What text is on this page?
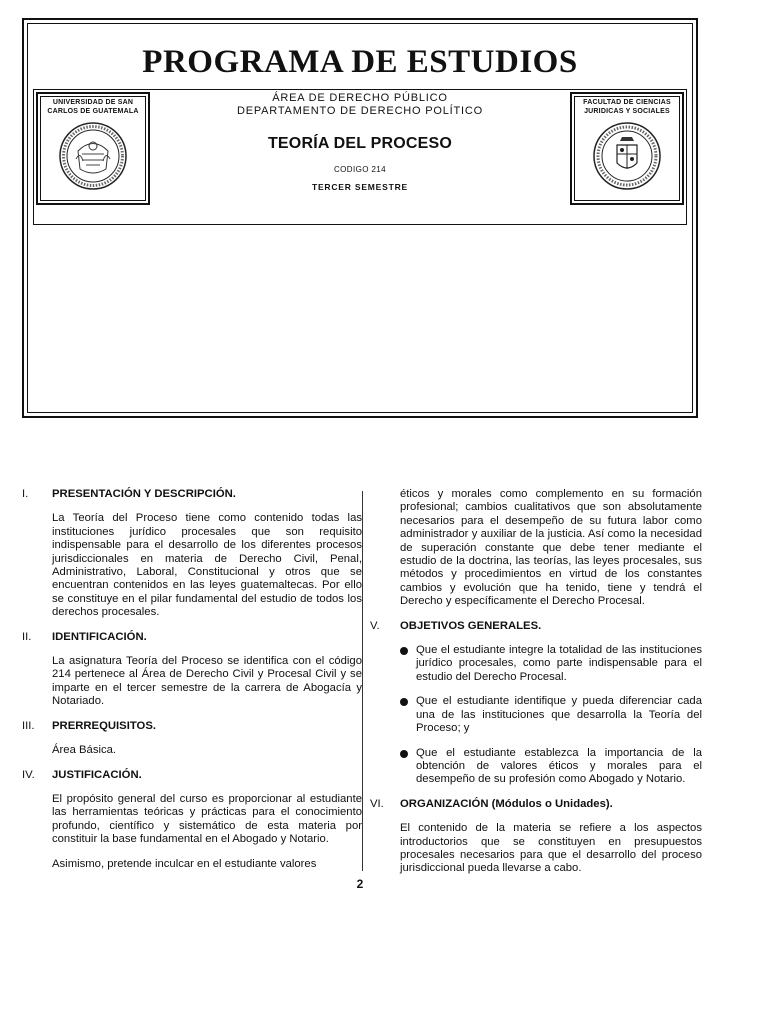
PROGRAMA DE ESTUDIOS
UNIVERSIDAD DE SAN CARLOS DE GUATEMALA
ÁREA DE DERECHO PÚBLICO
DEPARTAMENTO DE DERECHO POLÍTICO
TEORÍA DEL PROCESO
CODIGO 214
TERCER SEMESTRE
FACULTAD DE CIENCIAS JURIDICAS Y SOCIALES
I. PRESENTACIÓN Y DESCRIPCIÓN.

La Teoría del Proceso tiene como contenido todas las instituciones jurídico procesales que son requisito indispensable para el desarrollo de los diferentes procesos jurisdiccionales en materia de Derecho Civil, Penal, Administrativo, Laboral, Constitucional y otros que se encuentran contenidos en las leyes guatemaltecas. Por ello se constituye en el pilar fundamental del estudio de todos los derechos procesales.

II. IDENTIFICACIÓN.

La asignatura Teoría del Proceso se identifica con el código 214 pertenece al Área de Derecho Civil y Procesal Civil y se imparte en el tercer semestre de la carrera de Abogacía y Notariado.

III. PRERREQUISITOS.

Área Básica.

IV. JUSTIFICACIÓN.

El propósito general del curso es proporcionar al estudiante las herramientas teóricas y prácticas para el conocimiento profundo, científico y sistemático de esta materia por constituir la base fundamental en el Abogado y Notario.

Asimismo, pretende inculcar en el estudiante valores

éticos y morales como complemento en su formación profesional; cambios cualitativos que son absolutamente necesarios para el desempeño de su futura labor como administrador y auxiliar de la justicia. Así como la necesidad de superación constante que debe tener mediante el estudio de la doctrina, las teorías, las leyes procesales, sus métodos y procedimientos en virtud de los constantes cambios y evolución que ha tenido, tiene y tendrá el Derecho y específicamente el Derecho Procesal.

V. OBJETIVOS GENERALES.
Que el estudiante integre la totalidad de las instituciones jurídico procesales, como parte indispensable para el estudio del Derecho Procesal.
Que el estudiante identifique y pueda diferenciar cada una de las instituciones que desarrolla la Teoría del Proceso; y
Que el estudiante establezca la importancia de la obtención de valores éticos y morales para el desempeño de su profesión como Abogado y Notario.
VI. ORGANIZACIÓN (Módulos o Unidades).

El contenido de la materia se refiere a los aspectos introductorios que se constituyen en presupuestos procesales necesarios para que el desarrollo del proceso jurisdiccional pueda llevarse a cabo.

2
